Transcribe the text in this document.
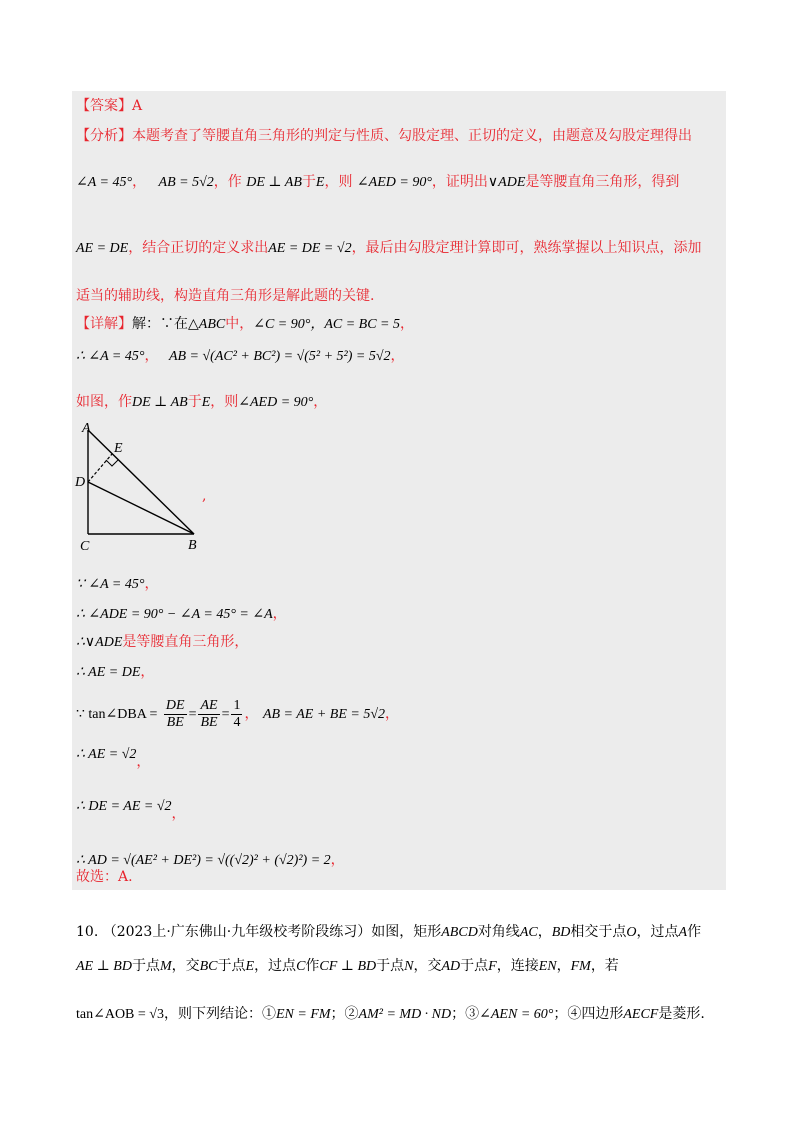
【答案】A
【分析】本题考查了等腰直角三角形的判定与性质、勾股定理、正切的定义，由题意及勾股定理得出
∠A = 45°， AB = 5√2，作 DE ⊥ AB于E，则 ∠AED = 90°，证明出∨ADE是等腰直角三角形，得到
AE = DE，结合正切的定义求出AE = DE = √2，最后由勾股定理计算即可，熟练掌握以上知识点，添加
适当的辅助线，构造直角三角形是解此题的关键.
【详解】解：∵在△ABC中，∠C = 90°，AC = BC = 5，
∴ ∠A = 45°， AB = √(AC² + BC²) = √(5² + 5²) = 5√2，
如图，作DE ⊥ AB于E，则∠AED = 90°，
A
E
D
C	B
,
∵ ∠A = 45°，
∴ ∠ADE = 90° − ∠A = 45° = ∠A，
∴∨ADE是等腰直角三角形，
∴ AE = DE，
∵ tan∠DBA = $\frac{DE}{BE} = \frac{AE}{BE} = \frac{1}{4}$ ， AB = AE + BE = 5√2，
∴ AE = √2，
∴ DE = AE = √2，
∴ AD = √(AE² + DE²) = √((√2)² + (√2)²) = 2，
故选：A.
10. （2023上·广东佛山·九年级校考阶段练习）如图，矩形ABCD对角线AC，BD相交于点O，过点A作
AE ⊥ BD于点M，交BC于点E，过点C作CF ⊥ BD于点N，交AD于点F，连接EN，FM，若
tan∠AOB = √3，则下列结论：①EN = FM；②AM² = MD · ND；③∠AEN = 60°；④四边形AECF是菱形.
